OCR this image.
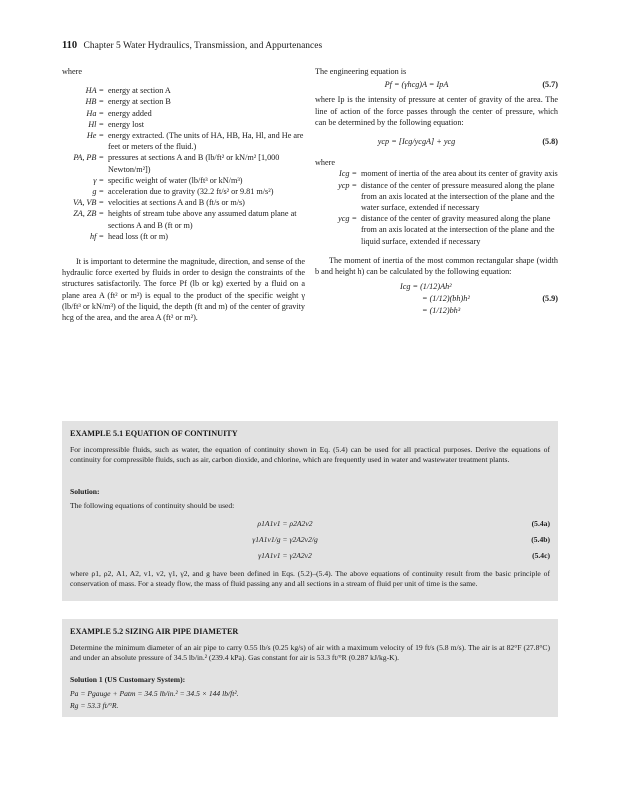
110 Chapter 5 Water Hydraulics, Transmission, and Appurtenances
where
HA = energy at section A
HB = energy at section B
Ha = energy added
Hl = energy lost
He = energy extracted. (The units of HA, HB, Ha, Hl, and He are feet or meters of the fluid.)
PA, PB = pressures at sections A and B (lb/ft² or kN/m² [1,000 Newton/m²])
γ = specific weight of water (lb/ft³ or kN/m³)
g = acceleration due to gravity (32.2 ft/s² or 9.81 m/s²)
VA, VB = velocities at sections A and B (ft/s or m/s)
ZA, ZB = heights of stream tube above any assumed datum plane at sections A and B (ft or m)
hf = head loss (ft or m)

It is important to determine the magnitude, direction, and sense of the hydraulic force exerted by fluids in order to design the constraints of the structures satisfactorily. The force Pf (lb or kg) exerted by a fluid on a plane area A (ft² or m²) is equal to the product of the specific weight γ (lb/ft³ or kN/m³) of the liquid, the depth (ft and m) of the center of gravity hcg of the area, and the area A (ft² or m²).

The engineering equation is
Pf = (γhcg)A = IpA	(5.7)

where Ip is the intensity of pressure at center of gravity of the area. The line of action of the force passes through the center of pressure, which can be determined by the following equation:

ycp = [Icg/ycgA] + ycg	(5.8)
where
Icg = moment of inertia of the area about its center of gravity axis
ycp = distance of the center of pressure measured along the plane from an axis located at the intersection of the plane and the water surface, extended if necessary
ycg = distance of the center of gravity measured along the plane from an axis located at the intersection of the plane and the liquid surface, extended if necessary

The moment of inertia of the most common rectangular shape (width b and height h) can be calculated by the following equation:

Icg = (1/12)Ah²
= (1/12)(bh)h²
= (1/12)bh³
(5.9)
EXAMPLE 5.1 EQUATION OF CONTINUITY
For incompressible fluids, such as water, the equation of continuity shown in Eq. (5.4) can be used for all practical purposes. Derive the equations of continuity for compressible fluids, such as air, carbon dioxide, and chlorine, which are frequently used in water and wastewater treatment plants.
Solution:
The following equations of continuity should be used:
ρ1A1v1 = ρ2A2v2	(5.4a)
γ1A1v1/g = γ2A2v2/g	(5.4b)
γ1A1v1 = γ2A2v2	(5.4c)
where ρ1, ρ2, A1, A2, v1, v2, γ1, γ2, and g have been defined in Eqs. (5.2)–(5.4). The above equations of continuity result from the basic principle of conservation of mass. For a steady flow, the mass of fluid passing any and all sections in a stream of fluid per unit of time is the same.
EXAMPLE 5.2 SIZING AIR PIPE DIAMETER
Determine the minimum diameter of an air pipe to carry 0.55 lb/s (0.25 kg/s) of air with a maximum velocity of 19 ft/s (5.8 m/s). The air is at 82°F (27.8°C) and under an absolute pressure of 34.5 lb/in.² (239.4 kPa). Gas constant for air is 53.3 ft/°R (0.287 kJ/kg-K).
Solution 1 (US Customary System):
Pa = Pgauge + Patm = 34.5 lb/in.² = 34.5 × 144 lb/ft².
Rg = 53.3 ft/°R.
